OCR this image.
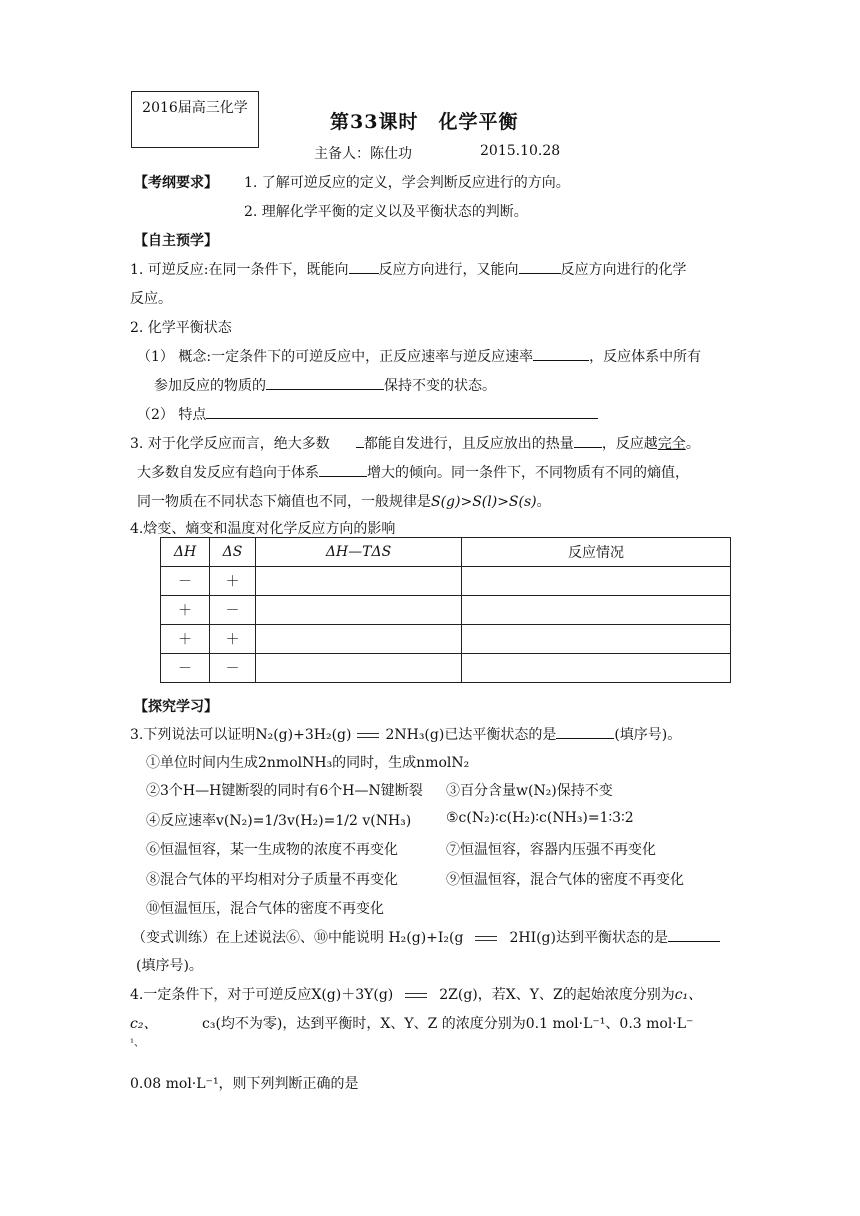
2016届高三化学
第33课时　化学平衡
主备人：陈仕功	2015.10.28
【考纲要求】 1. 了解可逆反应的定义，学会判断反应进行的方向。
2. 理解化学平衡的定义以及平衡状态的判断。
【自主预学】
1. 可逆反应:在同一条件下，既能向 反应方向进行，又能向	反应方向进行的化学
反应。
2. 化学平衡状态
（1） 概念:一定条件下的可逆反应中，正反应速率与逆反应速率	，反应体系中所有
参加反应的物质的	保持不变的状态。
（2） 特点
3. 对于化学反应而言，绝大多数 都能自发进行，且反应放出的热量 ，反应越完全。
大多数自发反应有趋向于体系	增大的倾向。同一条件下，不同物质有不同的熵值，
同一物质在不同状态下熵值也不同，一般规律是S(g)>S(l)>S(s)。
4.焓变、熵变和温度对化学反应方向的影响
ΔH	ΔS	ΔH—TΔS	反应情况
－	＋		
＋	－		
＋	＋		
－	－		
【探究学习】
3.下列说法可以证明N₂(g)+3H₂(g) 2NH₃(g)已达平衡状态的是	(填序号)。
①单位时间内生成2nmolNH₃的同时，生成nmolN₂
②3个H—H键断裂的同时有6个H—N键断裂 ③百分含量w(N₂)保持不变
④反应速率v(N₂)=1/3v(H₂)=1/2 v(NH₃) ⑤c(N₂)∶c(H₂)∶c(NH₃)=1∶3∶2
⑥恒温恒容，某一生成物的浓度不再变化	⑦恒温恒容，容器内压强不再变化
⑧混合气体的平均相对分子质量不再变化	⑨恒温恒容，混合气体的密度不再变化
⑩恒温恒压，混合气体的密度不再变化
（变式训练）在上述说法⑥、⑩中能说明 H₂(g)+I₂(g	2HI(g)达到平衡状态的是
(填序号)。
4.一定条件下，对于可逆反应X(g)＋3Y(g)	2Z(g)，若X、Y、Z的起始浓度分别为c₁、
c₂、	c₃(均不为零)，达到平衡时，X、Y、Z 的浓度分别为0.1 mol·L⁻¹、0.3 mol·L⁻
¹、
0.08 mol·L⁻¹，则下列判断正确的是
